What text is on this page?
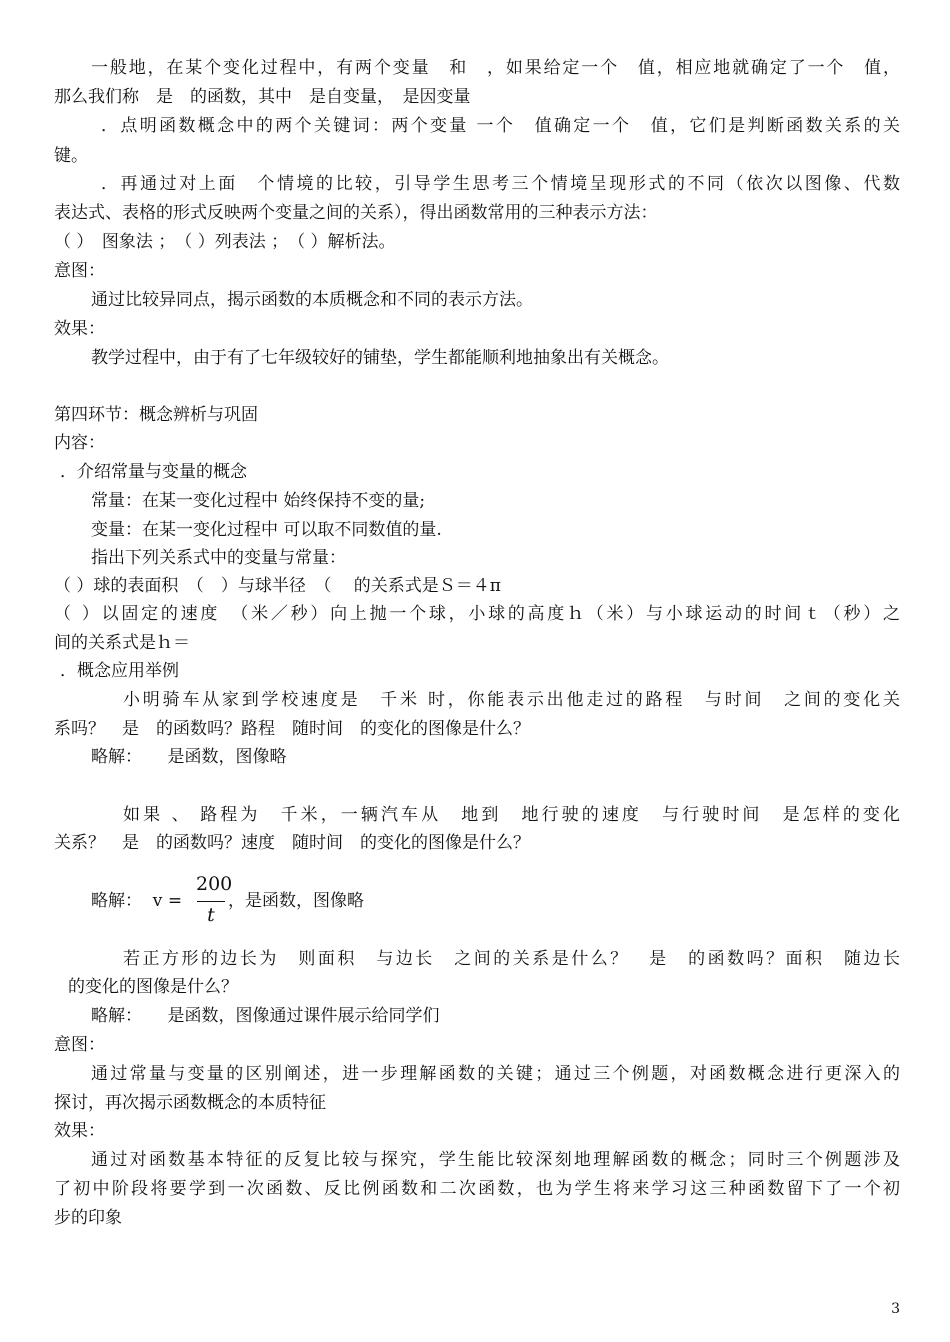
一般地，在某个变化过程中，有两个变量　和　，如果给定一个　值，相应地就确定了一个　值，
那么我们称　是　的函数，其中　是自变量，　是因变量
．点明函数概念中的两个关键词：两个变量 一个　值确定一个　值，它们是判断函数关系的关
键。
．再通过对上面　个情境的比较，引导学生思考三个情境呈现形式的不同（依次以图像、代数
表达式、表格的形式反映两个变量之间的关系），得出函数常用的三种表示方法：
（ ）　图象法 ；　（ ）列表法 ；　（ ）解析法。
意图：
通过比较异同点，揭示函数的本质概念和不同的表示方法。
效果：
教学过程中，由于有了七年级较好的铺垫，学生都能顺利地抽象出有关概念。
第四环节：概念辨析与巩固
内容：
．介绍常量与变量的概念
常量：在某一变化过程中 始终保持不变的量;
变量：在某一变化过程中 可以取不同数值的量.
指出下列关系式中的变量与常量：
（ ）球的表面积　（　）与球半径　（　 的关系式是Ｓ＝４π
（ ）以固定的速度　（米／秒）向上抛一个球，小球的高度ｈ（米）与小球运动的时间ｔ（秒）之
间的关系式是ｈ＝
．概念应用举例
小明骑车从家到学校速度是　千米 时，你能表示出他走过的路程　与时间　之间的变化关
系吗？　是　的函数吗？路程　随时间　的变化的图像是什么？
略解：　　是函数，图像略
如果 、 路程为　千米，一辆汽车从　地到　地行驶的速度　与行驶时间　是怎样的变化
关系？　是　的函数吗？速度　随时间　的变化的图像是什么？
略解：  v =
200
t
，是函数，图像略
若正方形的边长为　则面积　与边长　之间的关系是什么？　是　的函数吗？面积　随边长
的变化的图像是什么？
略解：　　是函数，图像通过课件展示给同学们
意图：
通过常量与变量的区别阐述，进一步理解函数的关键；通过三个例题，对函数概念进行更深入的
探讨，再次揭示函数概念的本质特征
效果：
通过对函数基本特征的反复比较与探究，学生能比较深刻地理解函数的概念；同时三个例题涉及
了初中阶段将要学到一次函数、反比例函数和二次函数，也为学生将来学习这三种函数留下了一个初
步的印象
3
